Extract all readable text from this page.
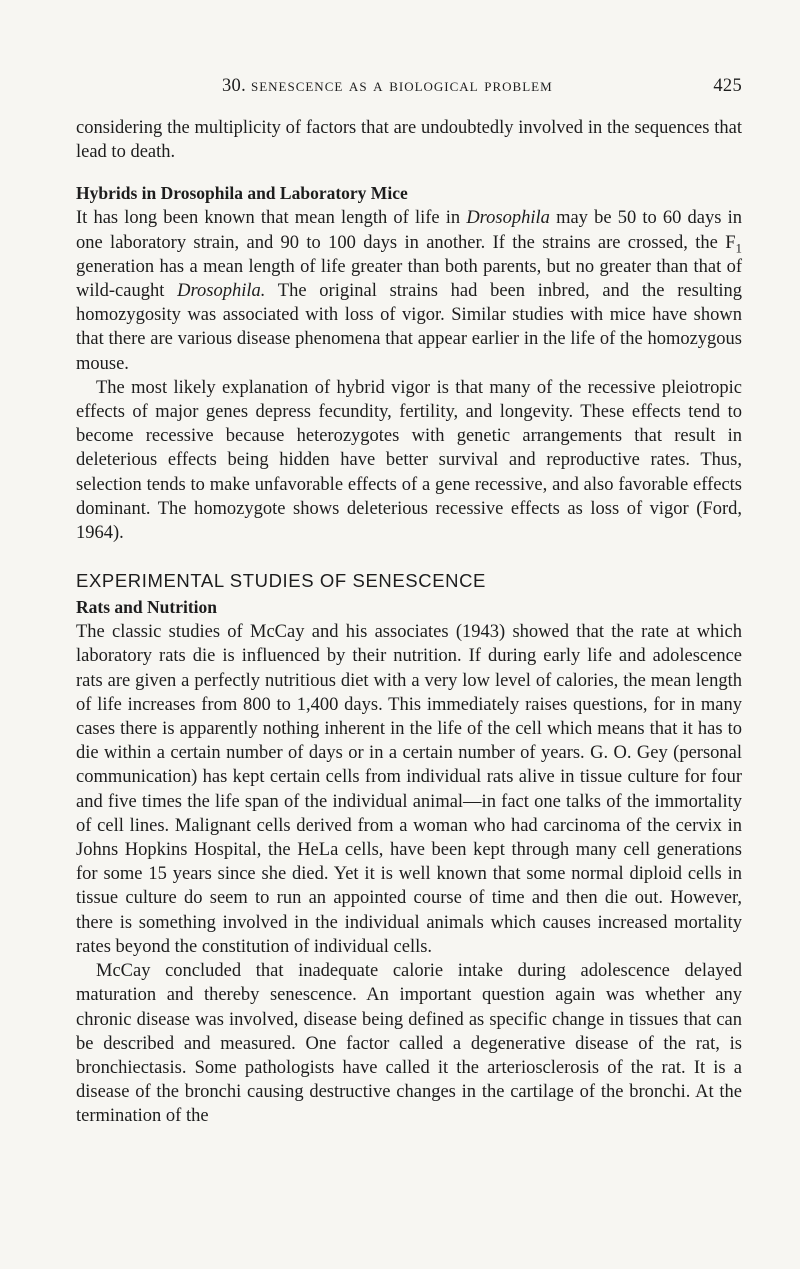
30. senescence as a biological problem	425

considering the multiplicity of factors that are undoubtedly involved in the sequences that lead to death.

Hybrids in Drosophila and Laboratory Mice

It has long been known that mean length of life in Drosophila may be 50 to 60 days in one laboratory strain, and 90 to 100 days in another. If the strains are crossed, the $F_1$ generation has a mean length of life greater than both parents, but no greater than that of wild-caught Drosophila. The original strains had been inbred, and the resulting homozygosity was associated with loss of vigor. Similar studies with mice have shown that there are various disease phenomena that appear earlier in the life of the homozygous mouse.

The most likely explanation of hybrid vigor is that many of the recessive pleiotropic effects of major genes depress fecundity, fertility, and longevity. These effects tend to become recessive because heterozygotes with genetic arrangements that result in deleterious effects being hidden have better survival and reproductive rates. Thus, selection tends to make unfavorable effects of a gene recessive, and also favorable effects dominant. The homozygote shows deleterious recessive effects as loss of vigor (Ford, 1964).

EXPERIMENTAL STUDIES OF SENESCENCE
Rats and Nutrition

The classic studies of McCay and his associates (1943) showed that the rate at which laboratory rats die is influenced by their nutrition. If during early life and adolescence rats are given a perfectly nutritious diet with a very low level of calories, the mean length of life increases from 800 to 1,400 days. This immediately raises questions, for in many cases there is apparently nothing inherent in the life of the cell which means that it has to die within a certain number of days or in a certain number of years. G. O. Gey (personal communication) has kept certain cells from individual rats alive in tissue culture for four and five times the life span of the individual animal—in fact one talks of the immortality of cell lines. Malignant cells derived from a woman who had carcinoma of the cervix in Johns Hopkins Hospital, the HeLa cells, have been kept through many cell generations for some 15 years since she died. Yet it is well known that some normal diploid cells in tissue culture do seem to run an appointed course of time and then die out. However, there is something involved in the individual animals which causes increased mortality rates beyond the constitution of individual cells.

McCay concluded that inadequate calorie intake during adolescence delayed maturation and thereby senescence. An important question again was whether any chronic disease was involved, disease being defined as specific change in tissues that can be described and measured. One factor called a degenerative disease of the rat, is bronchiectasis. Some pathologists have called it the arteriosclerosis of the rat. It is a disease of the bronchi causing destructive changes in the cartilage of the bronchi. At the termination of the
